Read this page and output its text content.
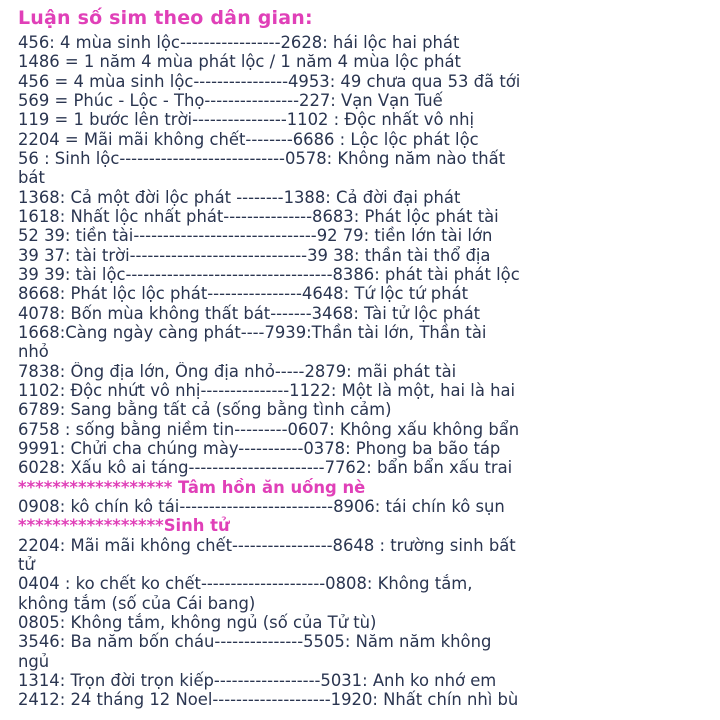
Luận số sim theo dân gian:
456: 4 mùa sinh lộc-----------------2628: hái lộc hai phát
1486 = 1 năm 4 mùa phát lộc / 1 năm 4 mùa lộc phát
456 = 4 mùa sinh lộc----------------4953: 49 chưa qua 53 đã tới
569 = Phúc - Lộc - Thọ----------------227: Vạn Vạn Tuế
119 = 1 bước lên trời----------------1102 : Độc nhất vô nhị
2204 = Mãi mãi không chết--------6686 : Lộc lộc phát lộc
56 : Sinh lộc----------------------------0578: Không năm nào thất
bát
1368: Cả một đời lộc phát --------1388: Cả đời đại phát
1618: Nhất lộc nhất phát---------------8683: Phát lộc phát tài
52 39: tiền tài-------------------------------92 79: tiền lớn tài lớn
39 37: tài trời------------------------------39 38: thần tài thổ địa
39 39: tài lộc-----------------------------------8386: phát tài phát lộc
8668: Phát lộc lộc phát----------------4648: Tứ lộc tứ phát
4078: Bốn mùa không thất bát-------3468: Tài tử lộc phát
1668:Càng ngày càng phát----7939:Thần tài lớn, Thần tài
nhỏ
7838: Ông địa lớn, Ông địa nhỏ-----2879: mãi phát tài
1102: Độc nhứt vô nhị---------------1122: Một là một, hai là hai
6789: Sang bằng tất cả (sống bằng tình cảm)
6758 : sống bằng niềm tin---------0607: Không xấu không bẩn
9991: Chửi cha chúng mày-----------0378: Phong ba bão táp
6028: Xấu kô ai táng-----------------------7762: bẩn bẩn xấu trai
****************** Tâm hồn ăn uống nè
0908: kô chín kô tái--------------------------8906: tái chín kô sụn
*****************Sinh tử
2204: Mãi mãi không chết-----------------8648 : trường sinh bất
tử
0404 : ko chết ko chết---------------------0808: Không tắm,
không tắm (số của Cái bang)
0805: Không tắm, không ngủ (số của Tử tù)
3546: Ba năm bốn cháu---------------5505: Năm năm không
ngủ
1314: Trọn đời trọn kiếp------------------5031: Anh ko nhớ em
2412: 24 tháng 12 Noel--------------------1920: Nhất chín nhì bù
